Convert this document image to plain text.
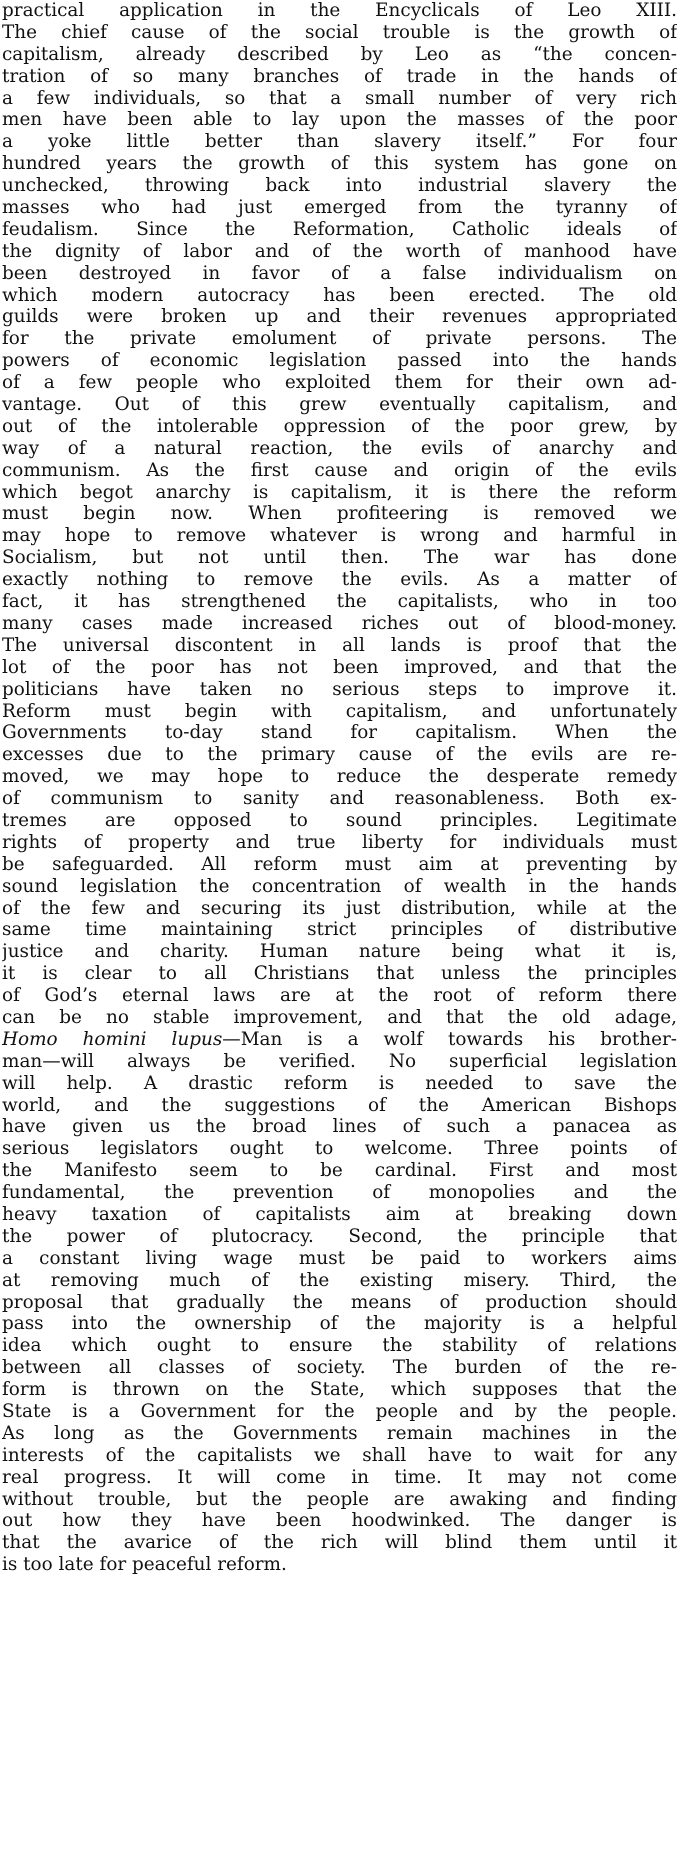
practical application in the Encyclicals of Leo XIII.
The chief cause of the social trouble is the growth of
capitalism, already described by Leo as “the concen-
tration of so many branches of trade in the hands of
a few individuals, so that a small number of very rich
men have been able to lay upon the masses of the poor
a yoke little better than slavery itself.” For four
hundred years the growth of this system has gone on
unchecked, throwing back into industrial slavery the
masses who had just emerged from the tyranny of
feudalism. Since the Reformation, Catholic ideals of
the dignity of labor and of the worth of manhood have
been destroyed in favor of a false individualism on
which modern autocracy has been erected. The old
guilds were broken up and their revenues appropriated
for the private emolument of private persons. The
powers of economic legislation passed into the hands
of a few people who exploited them for their own ad-
vantage. Out of this grew eventually capitalism, and
out of the intolerable oppression of the poor grew, by
way of a natural reaction, the evils of anarchy and
communism. As the first cause and origin of the evils
which begot anarchy is capitalism, it is there the reform
must begin now. When profiteering is removed we
may hope to remove whatever is wrong and harmful in
Socialism, but not until then. The war has done
exactly nothing to remove the evils. As a matter of
fact, it has strengthened the capitalists, who in too
many cases made increased riches out of blood-money.
The universal discontent in all lands is proof that the
lot of the poor has not been improved, and that the
politicians have taken no serious steps to improve it.
Reform must begin with capitalism, and unfortunately
Governments to-day stand for capitalism. When the
excesses due to the primary cause of the evils are re-
moved, we may hope to reduce the desperate remedy
of communism to sanity and reasonableness. Both ex-
tremes are opposed to sound principles. Legitimate
rights of property and true liberty for individuals must
be safeguarded. All reform must aim at preventing by
sound legislation the concentration of wealth in the hands
of the few and securing its just distribution, while at the
same time maintaining strict principles of distributive
justice and charity. Human nature being what it is,
it is clear to all Christians that unless the principles
of God’s eternal laws are at the root of reform there
can be no stable improvement, and that the old adage,
Homo homini lupus—Man is a wolf towards his brother-
man—will always be verified. No superficial legislation
will help. A drastic reform is needed to save the
world, and the suggestions of the American Bishops
have given us the broad lines of such a panacea as
serious legislators ought to welcome. Three points of
the Manifesto seem to be cardinal. First and most
fundamental, the prevention of monopolies and the
heavy taxation of capitalists aim at breaking down
the power of plutocracy. Second, the principle that
a constant living wage must be paid to workers aims
at removing much of the existing misery. Third, the
proposal that gradually the means of production should
pass into the ownership of the majority is a helpful
idea which ought to ensure the stability of relations
between all classes of society. The burden of the re-
form is thrown on the State, which supposes that the
State is a Government for the people and by the people.
As long as the Governments remain machines in the
interests of the capitalists we shall have to wait for any
real progress. It will come in time. It may not come
without trouble, but the people are awaking and finding
out how they have been hoodwinked. The danger is
that the avarice of the rich will blind them until it
is too late for peaceful reform.
